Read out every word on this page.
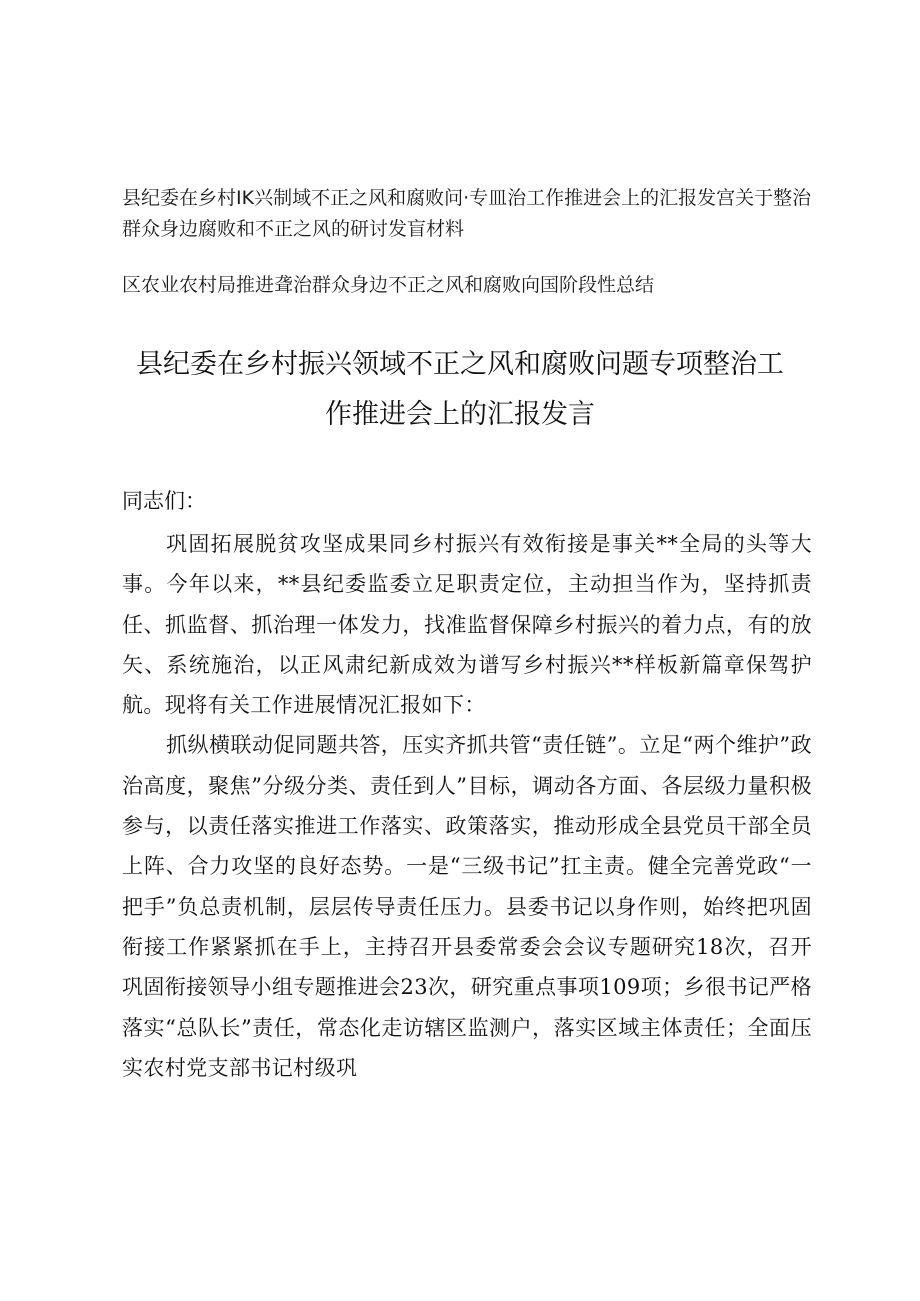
县纪委在乡村IK兴制域不正之风和腐败问·专皿治工作推进会上的汇报发宫关于整治群众身边腐败和不正之风的研讨发盲材料
区农业农村局推进聋治群众身边不正之风和腐败向国阶段性总结
县纪委在乡村振兴领域不正之风和腐败问题专项整治工
作推进会上的汇报发言
同志们：

巩固拓展脱贫攻坚成果同乡村振兴有效衔接是事关**全局的头等大事。今年以来，**县纪委监委立足职责定位，主动担当作为，坚持抓责任、抓监督、抓治理一体发力，找准监督保障乡村振兴的着力点，有的放矢、系统施治，以正风肃纪新成效为谱写乡村振兴**样板新篇章保驾护航。现将有关工作进展情况汇报如下：

抓纵横联动促同题共答，压实齐抓共管“责任链”。立足“两个维护”政治高度，聚焦”分级分类、责任到人”目标，调动各方面、各层级力量积极参与，以责任落实推进工作落实、政策落实，推动形成全县党员干部全员上阵、合力攻坚的良好态势。一是“三级书记”扛主责。健全完善党政“一把手”负总责机制，层层传导责任压力。县委书记以身作则，始终把巩固衔接工作紧紧抓在手上，主持召开县委常委会会议专题研究18次，召开巩固衔接领导小组专题推进会23次，研究重点事项109项；乡很书记严格落实“总队长”责任，常态化走访辖区监测户，落实区域主体责任；全面压实农村党支部书记村级巩
